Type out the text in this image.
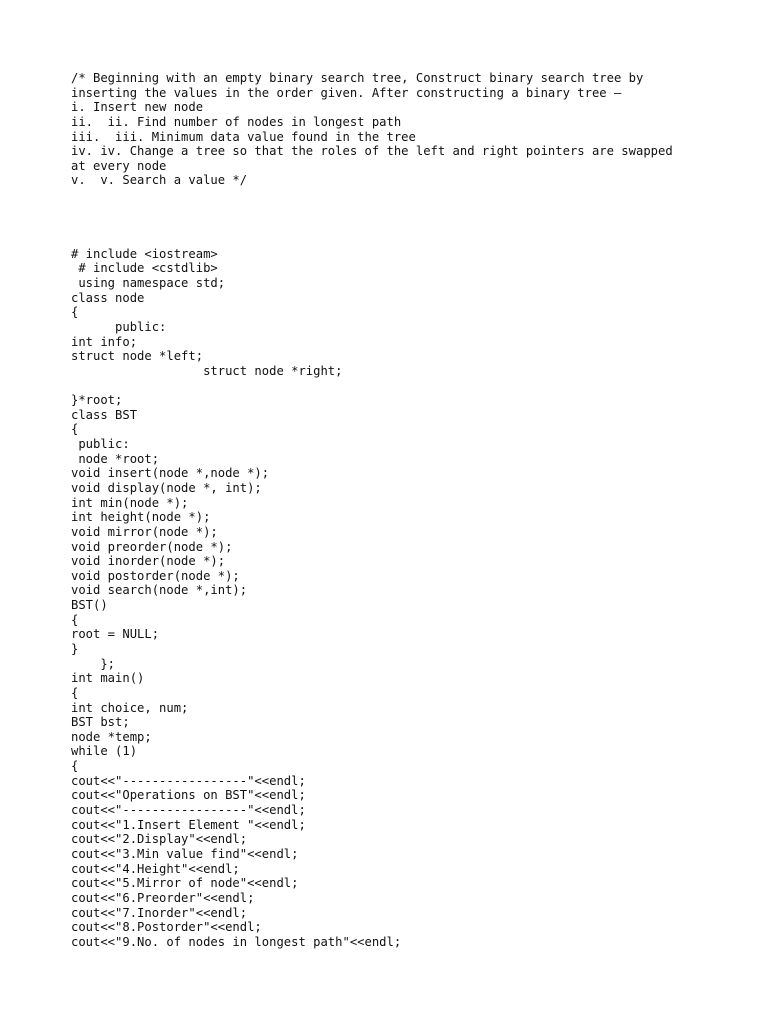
/* Beginning with an empty binary search tree, Construct binary search tree by
inserting the values in the order given. After constructing a binary tree –
i. Insert new node
ii.  ii. Find number of nodes in longest path
iii.  iii. Minimum data value found in the tree
iv. iv. Change a tree so that the roles of the left and right pointers are swapped
at every node
v.  v. Search a value */
# include <iostream>
# include <cstdlib>
using namespace std;
class node
{
public:
int info;
struct node *left;
struct node *right;
}*root;
class BST
{
public:
node *root;
void insert(node *,node *);
void display(node *, int);
int min(node *);
int height(node *);
void mirror(node *);
void preorder(node *);
void inorder(node *);
void postorder(node *);
void search(node *,int);
BST()
{
root = NULL;
}
};
int main()
{
int choice, num;
BST bst;
node *temp;
while (1)
{
cout<<"-----------------"<<endl;
cout<<"Operations on BST"<<endl;
cout<<"-----------------"<<endl;
cout<<"1.Insert Element "<<endl;
cout<<"2.Display"<<endl;
cout<<"3.Min value find"<<endl;
cout<<"4.Height"<<endl;
cout<<"5.Mirror of node"<<endl;
cout<<"6.Preorder"<<endl;
cout<<"7.Inorder"<<endl;
cout<<"8.Postorder"<<endl;
cout<<"9.No. of nodes in longest path"<<endl;
